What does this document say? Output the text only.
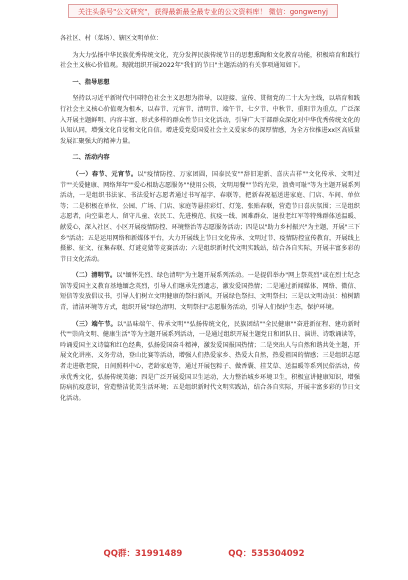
关注头条号"公文研究"，获得最新最全最专业的公文资料库！ 微信：gongwenyj

各社区、村（菜场）、辖区文明单位：

为大力弘扬中华民族优秀传统文化，充分发挥民族传统节日的思想熏陶和文化教育功能，积极培育和践行社会主义核心价值观。现就组织开展2022年"我们的节日"主题活动的有关事项通知如下。

一、指导思想

坚持以习近平新时代中国特色社会主义思想为指导，以迎接、宣传、贯彻党的二十大为主线，以培育和践行社会主义核心价值观为根本，以春节、元宵节、清明节、端午节、七夕节、中秋节、重阳节为重点，广泛深入开展主题鲜明、内容丰富、形式多样的群众性节日文化活动，引导广大干部群众深化对中华优秀传统文化的认知认同，增强文化自觉和文化自信。增进爱党爱国爱社会主义爱家乡的深厚情感，为全方位推进xx区高质量发展汇聚强大的精神力量。

二、活动内容

（一）春节、元宵节。以"疫情防控、万家团圆，国泰民安""辞旧迎新、喜庆吉祥""文化传承、文明过节""关爱健康、网络拜年""爱心相助志愿服务""使用公筷，文明用餐""节约光荣，浪费可耻"等为主题开展系列活动，一是组织书法家、书法爱好志愿者通过书写福字、春联等，把新春祝福送进家庭、门店、车间、单位等；二是积极在单位、公园、广场、门店、家庭等悬挂彩灯、灯笼、张贴春联，营造节日喜庆氛围；三是组织志愿者，向空巢老人、留守儿童、农民工、先进模范、抗疫一线、困难群众、退役老红军等特殊群体送温暖、献爱心，深入社区、小区开展疫情防控、环境整治等志愿服务活动；四是以"助力乡村振兴"为主题，开展"三下乡"活动；五是运用网络和新媒体平台，大力开展线上节日文化传承、文明过节、疫情防控宣传教育，开展线上摄影、征文、征集春联、灯谜竞猜等竞赛活动；六是组织新时代文明实践站，结合各自实际，开展丰富多彩的节日文化活动。

（二）清明节。以"缅怀先烈、绿色清明"为主题开展系列活动。一是提倡举办"网上祭英烈"或在烈士纪念馆等爱国主义教育基地缅念英烈，引导人们继承先烈遗志，激发爱国热情；二是通过新闻媒体、网络、微信、短信等发放倡议书，引导人们树立文明健康的祭扫新风，开展绿色祭扫、文明祭扫；三是以文明动员：植树踏青，清洁环境等方式，组织开展"绿色清明、文明祭扫"志愿服务活动，引导人们保护生态，保护环境。

（三）端午节。以"品味端午、传承文明""弘扬传统文化，民族团结""全民健康""奋进新征程、建功新时代""崇尚文明、健康生活"等为主题开展系列活动，一是通过组织开展主题党日和团队日、演讲、诗歌诵读等，吟诵爱国主义诗篇和红色经典，弘扬爱国奋斗精神，激发爱国报国热情；二是突出人与自然和谐共处主题，开展文化讲座、义务劳动，登山比赛等活动，增强人们热爱家乡、热爱大自然，热爱祖国的情感；三是组织志愿者走进敬老院，日间照料中心，老龄家庭等，通过开展包粽子、做香囊、挂艾草、送温暖等系列民俗活动，传承优秀文化，弘扬传统美德；四是广泛开展爱国卫生运动，大力整治城乡环境卫生，积极宣讲健康知识，增强防病抗疫意识，营造整洁优美生活环境；五是组织新时代文明实践站，结合各自实际，开展丰富多彩的节日文化活动。

QQ群：31991489	QQ：535304092
